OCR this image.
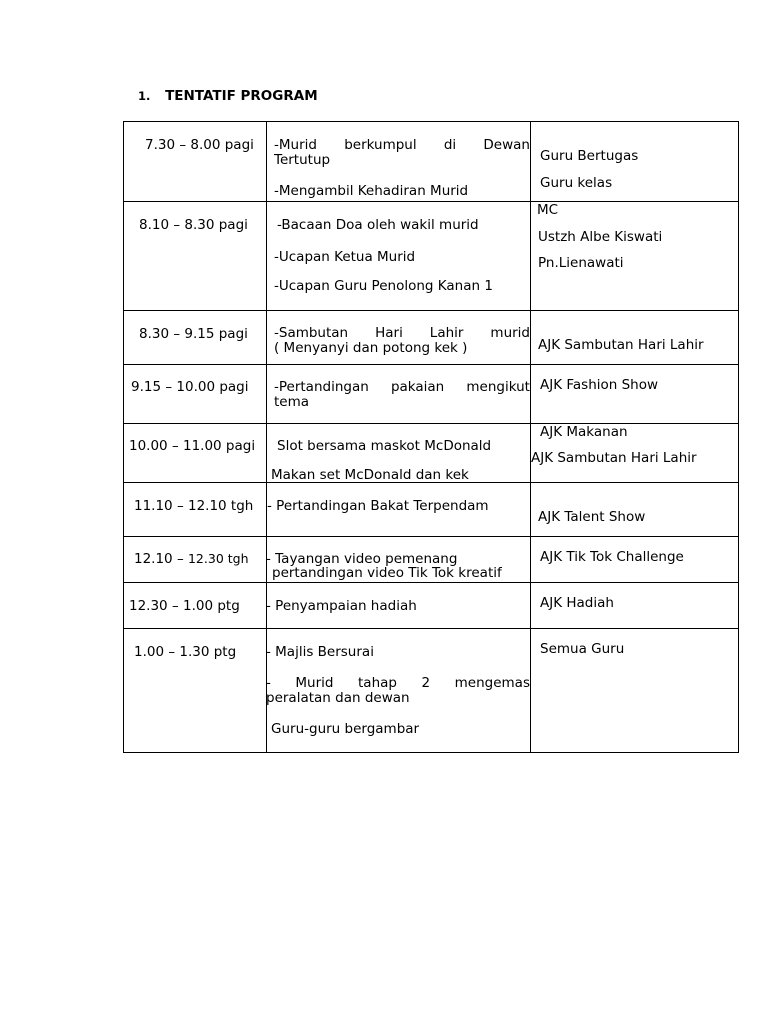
1. TENTATIF PROGRAM
7.30 – 8.00 pagi -Murid berkumpul di Dewan
Tertutup
-Mengambil Kehadiran Murid
Guru Bertugas
Guru kelas
8.10 – 8.30 pagi -Bacaan Doa oleh wakil murid
-Ucapan Ketua Murid
-Ucapan Guru Penolong Kanan 1
MC
Ustzh Albe Kiswati
Pn.Lienawati
8.30 – 9.15 pagi -Sambutan Hari Lahir murid
( Menyanyi dan potong kek )	AJK Sambutan Hari Lahir
9.15 – 10.00 pagi -Pertandingan pakaian mengikut
tema
AJK Fashion Show
10.00 – 11.00 pagi Slot bersama maskot McDonald
Makan set McDonald dan kek
AJK Makanan
AJK Sambutan Hari Lahir
11.10 – 12.10 tgh - Pertandingan Bakat Terpendam
AJK Talent Show
12.10 – 12.30 tgh - Tayangan video pemenang
pertandingan video Tik Tok kreatif
AJK Tik Tok Challenge
12.30 – 1.00 ptg - Penyampaian hadiah	AJK Hadiah
1.00 – 1.30 ptg - Majlis Bersurai
- Murid tahap 2 mengemas
peralatan dan dewan
Guru-guru bergambar
Semua Guru
